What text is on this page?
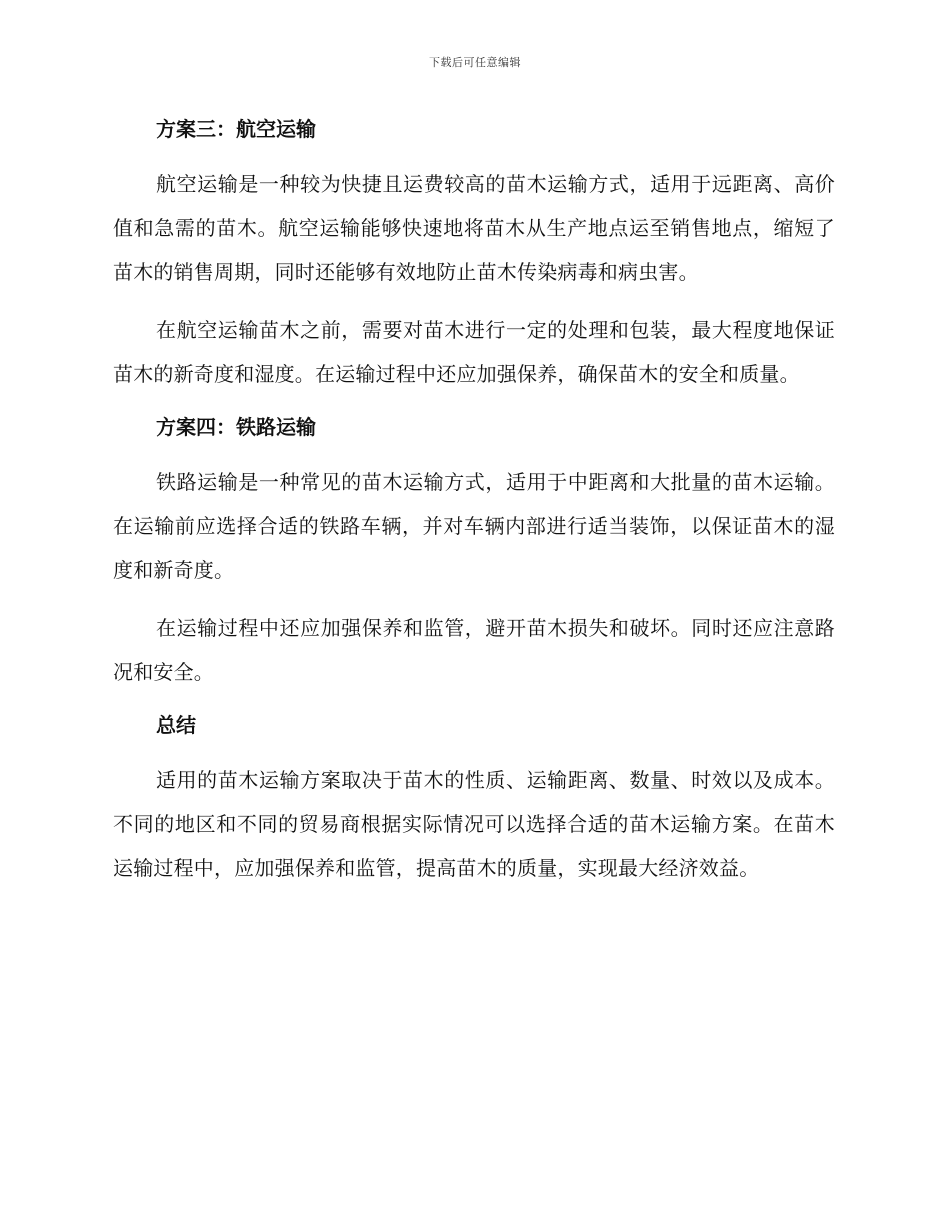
下载后可任意编辑
方案三：航空运输

航空运输是一种较为快捷且运费较高的苗木运输方式，适用于远距离、高价值和急需的苗木。航空运输能够快速地将苗木从生产地点运至销售地点，缩短了苗木的销售周期，同时还能够有效地防止苗木传染病毒和病虫害。

在航空运输苗木之前，需要对苗木进行一定的处理和包装，最大程度地保证苗木的新奇度和湿度。在运输过程中还应加强保养，确保苗木的安全和质量。

方案四：铁路运输

铁路运输是一种常见的苗木运输方式，适用于中距离和大批量的苗木运输。在运输前应选择合适的铁路车辆，并对车辆内部进行适当装饰，以保证苗木的湿度和新奇度。

在运输过程中还应加强保养和监管，避开苗木损失和破坏。同时还应注意路况和安全。

总结

适用的苗木运输方案取决于苗木的性质、运输距离、数量、时效以及成本。不同的地区和不同的贸易商根据实际情况可以选择合适的苗木运输方案。在苗木运输过程中，应加强保养和监管，提高苗木的质量，实现最大经济效益。
